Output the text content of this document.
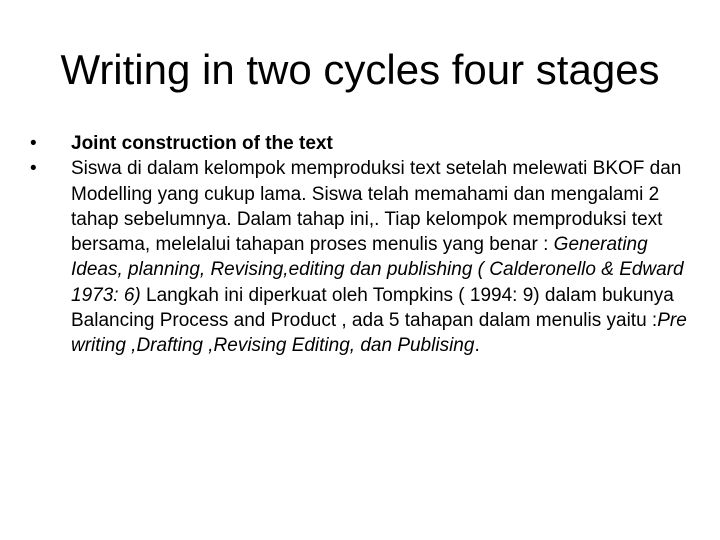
Writing in two cycles four stages
•	Joint construction of the text
•	Siswa di dalam kelompok memproduksi text setelah melewati BKOF dan Modelling yang cukup lama. Siswa telah memahami dan mengalami 2 tahap sebelumnya. Dalam tahap ini,. Tiap kelompok memproduksi text bersama, melelalui tahapan proses menulis yang benar : Generating Ideas, planning, Revising,editing dan publishing ( Calderonello & Edward 1973: 6) Langkah ini diperkuat oleh Tompkins ( 1994: 9) dalam bukunya Balancing Process and Product , ada 5 tahapan dalam menulis yaitu :Pre writing ,Drafting ,Revising Editing, dan Publising.
